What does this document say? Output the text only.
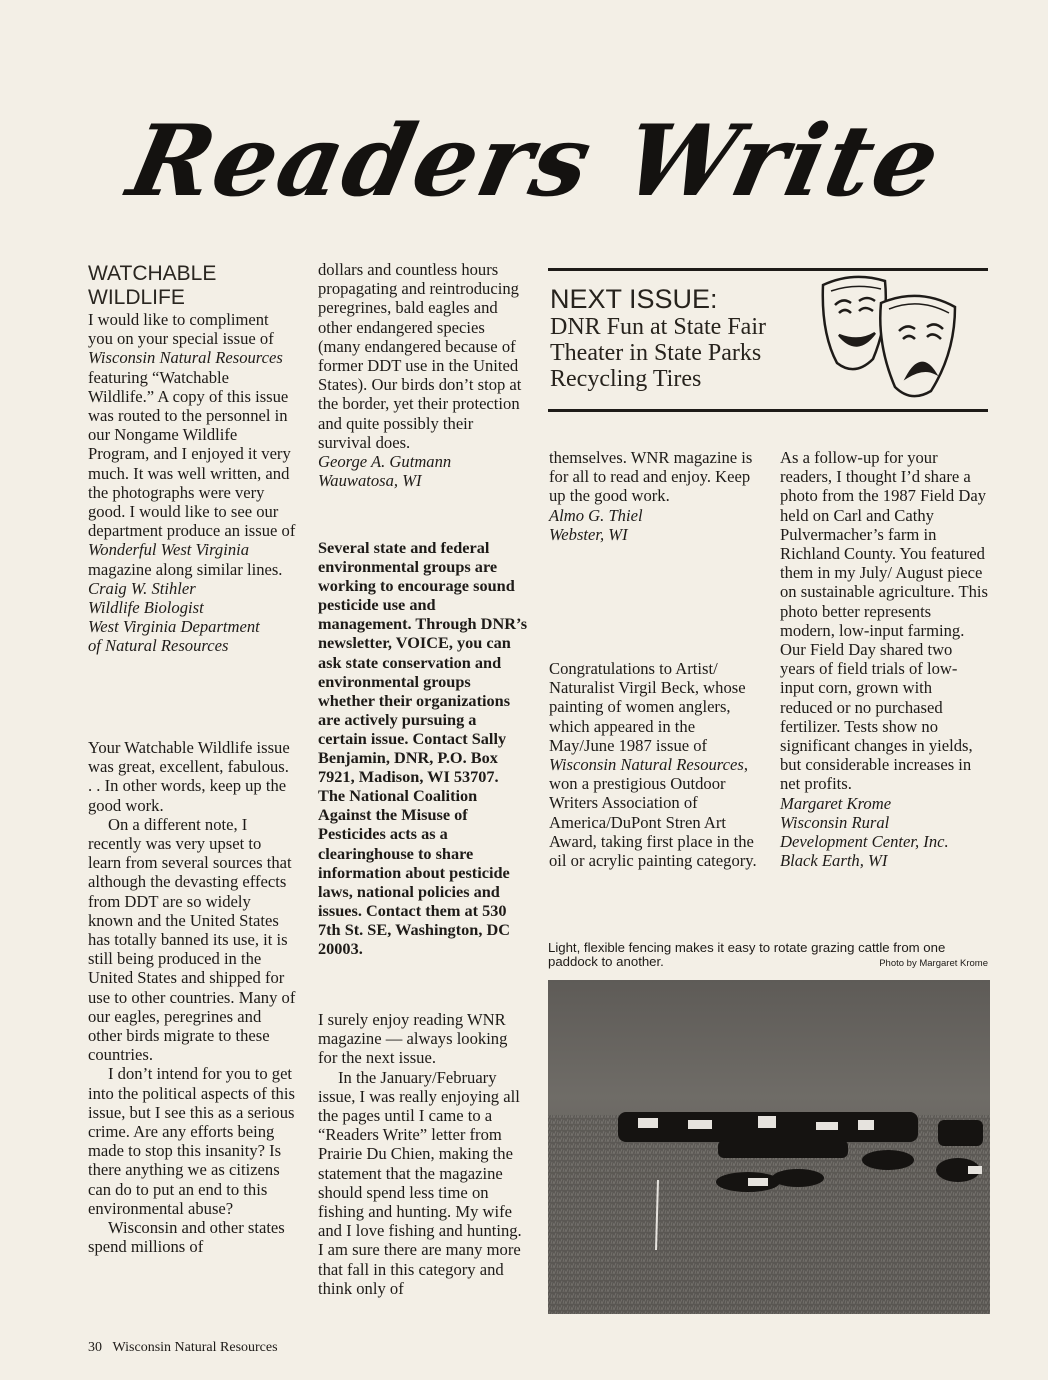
Readers Write
WATCHABLE
WILDLIFE

I would like to compliment you on your special issue of Wisconsin Natural Resources featuring “Watchable Wildlife.” A copy of this issue was routed to the personnel in our Nongame Wildlife Program, and I enjoyed it very much. It was well written, and the photographs were very good. I would like to see our department produce an issue of Wonderful West Virginia magazine along similar lines.

Craig W. Stihler
Wildlife Biologist
West Virginia Department
of Natural Resources

Your Watchable Wildlife issue was great, excellent, fabulous. . . In other words, keep up the good work.

On a different note, I recently was very upset to learn from several sources that although the devasting effects from DDT are so widely known and the United States has totally banned its use, it is still being produced in the United States and shipped for use to other countries. Many of our eagles, peregrines and other birds migrate to these countries.

I don’t intend for you to get into the political aspects of this issue, but I see this as a serious crime. Are any efforts being made to stop this insanity? Is there anything we as citizens can do to put an end to this environmental abuse?

Wisconsin and other states spend millions of

dollars and countless hours propagating and reintroducing peregrines, bald eagles and other endangered species (many endangered because of former DDT use in the United States). Our birds don’t stop at the border, yet their protection and quite possibly their survival does.

George A. Gutmann
Wauwatosa, WI

Several state and federal environmental groups are working to encourage sound pesticide use and management. Through DNR’s newsletter, VOICE, you can ask state conservation and environmental groups whether their organizations are actively pursuing a certain issue. Contact Sally Benjamin, DNR, P.O. Box 7921, Madison, WI 53707. The National Coalition Against the Misuse of Pesticides acts as a clearinghouse to share information about pesticide laws, national policies and issues. Contact them at 530 7th St. SE, Washington, DC 20003.

I surely enjoy reading WNR magazine — always looking for the next issue.

In the January/February issue, I was really enjoying all the pages until I came to a “Readers Write” letter from Prairie Du Chien, making the statement that the magazine should spend less time on fishing and hunting. My wife and I love fishing and hunting. I am sure there are many more that fall in this category and think only of

NEXT ISSUE:
DNR Fun at State Fair
Theater in State Parks
Recycling Tires

themselves. WNR magazine is for all to read and enjoy. Keep up the good work.

Almo G. Thiel
Webster, WI

Congratulations to Artist/ Naturalist Virgil Beck, whose painting of women anglers, which appeared in the May/June 1987 issue of Wisconsin Natural Resources, won a prestigious Outdoor Writers Association of America/DuPont Stren Art Award, taking first place in the oil or acrylic painting category.

As a follow-up for your readers, I thought I’d share a photo from the 1987 Field Day held on Carl and Cathy Pulvermacher’s farm in Richland County. You featured them in my July/ August piece on sustainable agriculture. This photo better represents modern, low-input farming. Our Field Day shared two years of field trials of low-input corn, grown with reduced or no purchased fertilizer. Tests show no significant changes in yields, but considerable increases in net profits.

Margaret Krome
Wisconsin Rural
Development Center, Inc.
Black Earth, WI
Light, flexible fencing makes it easy to rotate grazing cattle from one paddock to another.	Photo by Margaret Krome
30 Wisconsin Natural Resources
